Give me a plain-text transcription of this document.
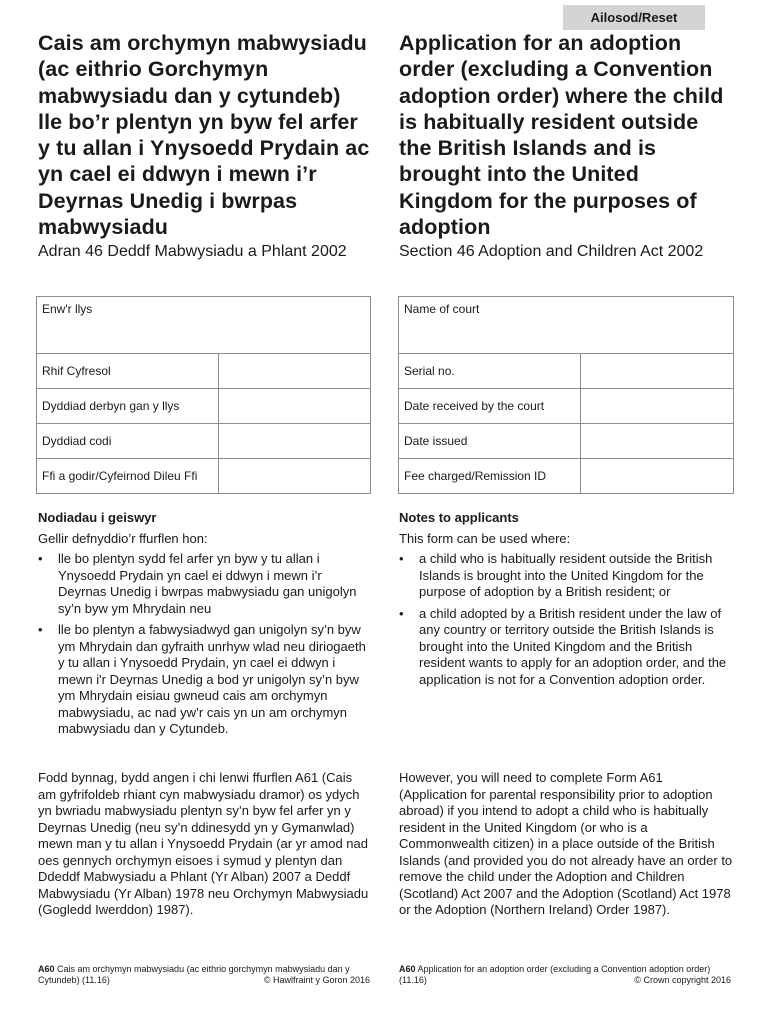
Ailosod/Reset
Cais am orchymyn mabwysiadu (ac eithrio Gorchymyn mabwysiadu dan y cytundeb) lle bo’r plentyn yn byw fel arfer y tu allan i Ynysoedd Prydain ac yn cael ei ddwyn i mewn i’r Deyrnas Unedig i bwrpas mabwysiadu

Adran 46 Deddf Mabwysiadu a Phlant 2002

Application for an adoption order (excluding a Convention adoption order) where the child is habitually resident outside the British Islands and is brought into the United Kingdom for the purposes of adoption

Section 46 Adoption and Children Act 2002

Enw'r llys	
Rhif Cyfresol	
Dyddiad derbyn gan y llys	
Dyddiad codi	
Ffi a godir/Cyfeirnod Dileu Ffi	
Name of court	
Serial no.	
Date received by the court	
Date issued	
Fee charged/Remission ID	
Nodiadau i geiswyr

Gellir defnyddio’r ffurflen hon:

• lle bo plentyn sydd fel arfer yn byw y tu allan i Ynysoedd Prydain yn cael ei ddwyn i mewn i’r Deyrnas Unedig i bwrpas mabwysiadu gan unigolyn sy’n byw ym Mhrydain neu
• lle bo plentyn a fabwysiadwyd gan unigolyn sy’n byw ym Mhrydain dan gyfraith unrhyw wlad neu diriogaeth y tu allan i Ynysoedd Prydain, yn cael ei ddwyn i mewn i'r Deyrnas Unedig a bod yr unigolyn sy’n byw ym Mhrydain eisiau gwneud cais am orchymyn mabwysiadu, ac nad yw’r cais yn un am orchymyn mabwysiadu dan y Cytundeb.
Notes to applicants

This form can be used where:

• a child who is habitually resident outside the British Islands is brought into the United Kingdom for the purpose of adoption by a British resident; or
• a child adopted by a British resident under the law of any country or territory outside the British Islands is brought into the United Kingdom and the British resident wants to apply for an adoption order, and the application is not for a Convention adoption order.

Fodd bynnag, bydd angen i chi lenwi ffurflen A61 (Cais am gyfrifoldeb rhiant cyn mabwysiadu dramor) os ydych yn bwriadu mabwysiadu plentyn sy’n byw fel arfer yn y Deyrnas Unedig (neu sy’n ddinesydd yn y Gymanwlad) mewn man y tu allan i Ynysoedd Prydain (ar yr amod nad oes gennych orchymyn eisoes i symud y plentyn dan Ddeddf Mabwysiadu a Phlant (Yr Alban) 2007 a Deddf Mabwysiadu (Yr Alban) 1978 neu Orchymyn Mabwysiadu (Gogledd Iwerddon) 1987).

However, you will need to complete Form A61 (Application for parental responsibility prior to adoption abroad) if you intend to adopt a child who is habitually resident in the United Kingdom (or who is a Commonwealth citizen) in a place outside of the British Islands (and provided you do not already have an order to remove the child under the Adoption and Children (Scotland) Act 2007 and the Adoption (Scotland) Act 1978 or the Adoption (Northern Ireland) Order 1987).

A60 Cais am orchymyn mabwysiadu (ac eithrio gorchymyn mabwysiadu dan y Cytundeb) (11.16)	© Hawlfraint y Goron 2016
A60 Application for an adoption order (excluding a Convention adoption order) (11.16)	© Crown copyright 2016
